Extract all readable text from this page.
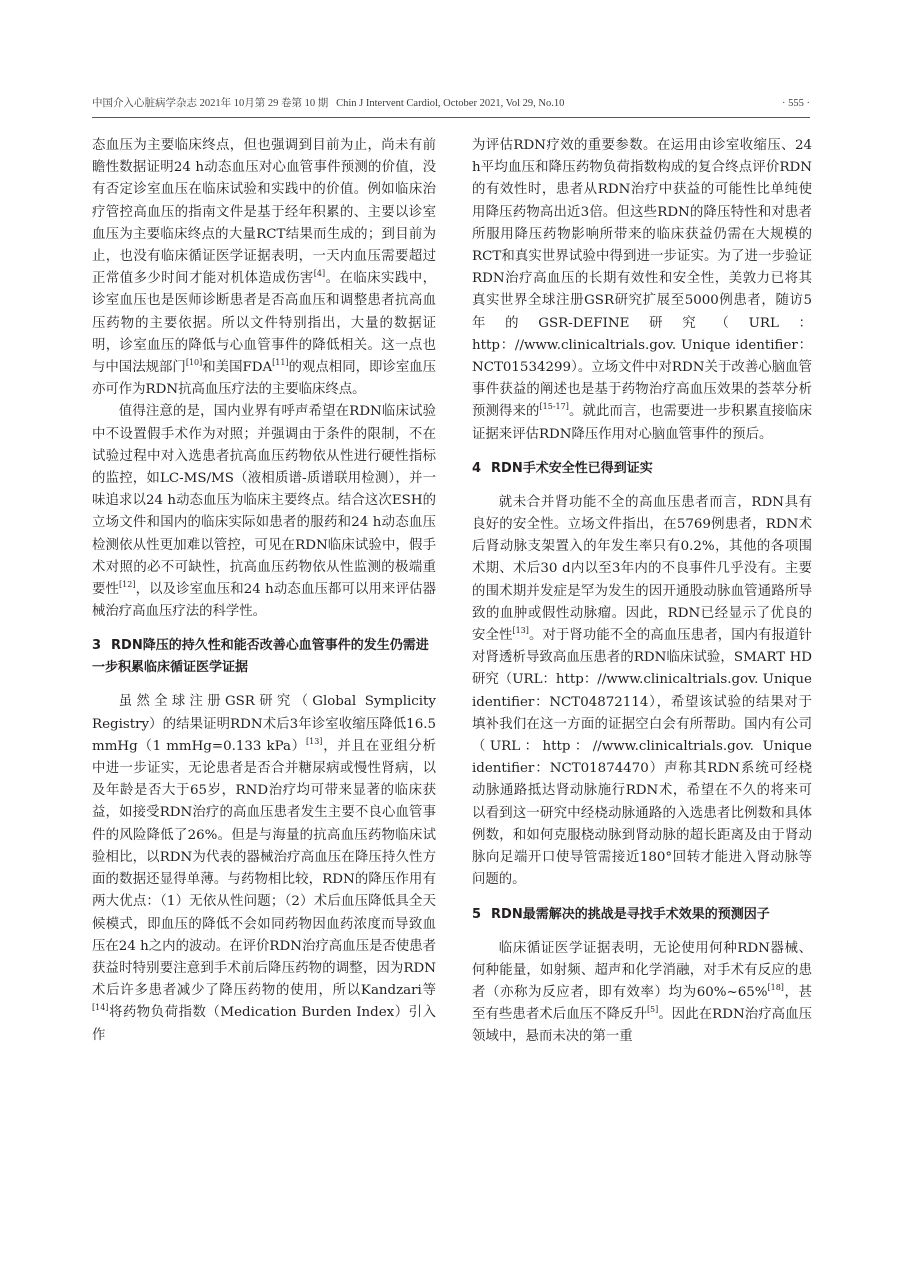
中国介入心脏病学杂志 2021年 10月第 29 卷第 10 期 Chin J Intervent Cardiol, October 2021, Vol 29, No.10	· 555 ·

态血压为主要临床终点，但也强调到目前为止，尚未有前瞻性数据证明24 h动态血压对心血管事件预测的价值，没有否定诊室血压在临床试验和实践中的价值。例如临床治疗管控高血压的指南文件是基于经年积累的、主要以诊室血压为主要临床终点的大量RCT结果而生成的；到目前为止，也没有临床循证医学证据表明，一天内血压需要超过正常值多少时间才能对机体造成伤害[4]。在临床实践中，诊室血压也是医师诊断患者是否高血压和调整患者抗高血压药物的主要依据。所以文件特别指出，大量的数据证明，诊室血压的降低与心血管事件的降低相关。这一点也与中国法规部门[10]和美国FDA[11]的观点相同，即诊室血压亦可作为RDN抗高血压疗法的主要临床终点。

值得注意的是，国内业界有呼声希望在RDN临床试验中不设置假手术作为对照；并强调由于条件的限制，不在试验过程中对入选患者抗高血压药物依从性进行硬性指标的监控，如LC-MS/MS（液相质谱-质谱联用检测），并一味追求以24 h动态血压为临床主要终点。结合这次ESH的立场文件和国内的临床实际如患者的服药和24 h动态血压检测依从性更加难以管控，可见在RDN临床试验中，假手术对照的必不可缺性，抗高血压药物依从性监测的极端重要性[12]，以及诊室血压和24 h动态血压都可以用来评估器械治疗高血压疗法的科学性。

3 RDN降压的持久性和能否改善心血管事件的发生仍需进一步积累临床循证医学证据

虽然全球注册GSR研究（Global Symplicity Registry）的结果证明RDN术后3年诊室收缩压降低16.5 mmHg（1 mmHg=0.133 kPa）[13]，并且在亚组分析中进一步证实，无论患者是否合并糖尿病或慢性肾病，以及年龄是否大于65岁，RND治疗均可带来显著的临床获益，如接受RDN治疗的高血压患者发生主要不良心血管事件的风险降低了26%。但是与海量的抗高血压药物临床试验相比，以RDN为代表的器械治疗高血压在降压持久性方面的数据还显得单薄。与药物相比较，RDN的降压作用有两大优点：（1）无依从性问题；（2）术后血压降低具全天候模式，即血压的降低不会如同药物因血药浓度而导致血压在24 h之内的波动。在评价RDN治疗高血压是否使患者获益时特别要注意到手术前后降压药物的调整，因为RDN术后许多患者减少了降压药物的使用，所以Kandzari等[14]将药物负荷指数（Medication Burden Index）引入作

为评估RDN疗效的重要参数。在运用由诊室收缩压、24 h平均血压和降压药物负荷指数构成的复合终点评价RDN的有效性时，患者从RDN治疗中获益的可能性比单纯使用降压药物高出近3倍。但这些RDN的降压特性和对患者所服用降压药物影响所带来的临床获益仍需在大规模的RCT和真实世界试验中得到进一步证实。为了进一步验证RDN治疗高血压的长期有效性和安全性，美敦力已将其真实世界全球注册GSR研究扩展至5000例患者，随访5年的GSR-DEFINE研究（URL：http：//www.clinicaltrials.gov. Unique identifier：NCT01534299）。立场文件中对RDN关于改善心脑血管事件获益的阐述也是基于药物治疗高血压效果的荟萃分析预测得来的[15-17]。就此而言，也需要进一步积累直接临床证据来评估RDN降压作用对心脑血管事件的预后。

4 RDN手术安全性已得到证实

就未合并肾功能不全的高血压患者而言，RDN具有良好的安全性。立场文件指出，在5769例患者，RDN术后肾动脉支架置入的年发生率只有0.2%，其他的各项围术期、术后30 d内以至3年内的不良事件几乎没有。主要的围术期并发症是罕为发生的因开通股动脉血管通路所导致的血肿或假性动脉瘤。因此，RDN已经显示了优良的安全性[13]。对于肾功能不全的高血压患者，国内有报道针对肾透析导致高血压患者的RDN临床试验，SMART HD研究（URL：http：//www.clinicaltrials.gov. Unique identifier：NCT04872114），希望该试验的结果对于填补我们在这一方面的证据空白会有所帮助。国内有公司（URL：http：//www.clinicaltrials.gov. Unique identifier：NCT01874470）声称其RDN系统可经桡动脉通路抵达肾动脉施行RDN术，希望在不久的将来可以看到这一研究中经桡动脉通路的入选患者比例数和具体例数，和如何克服桡动脉到肾动脉的超长距离及由于肾动脉向足端开口使导管需接近180°回转才能进入肾动脉等问题的。

5 RDN最需解决的挑战是寻找手术效果的预测因子

临床循证医学证据表明，无论使用何种RDN器械、何种能量，如射频、超声和化学消融，对手术有反应的患者（亦称为反应者，即有效率）均为60%~65%[18]，甚至有些患者术后血压不降反升[5]。因此在RDN治疗高血压领域中，悬而未决的第一重
